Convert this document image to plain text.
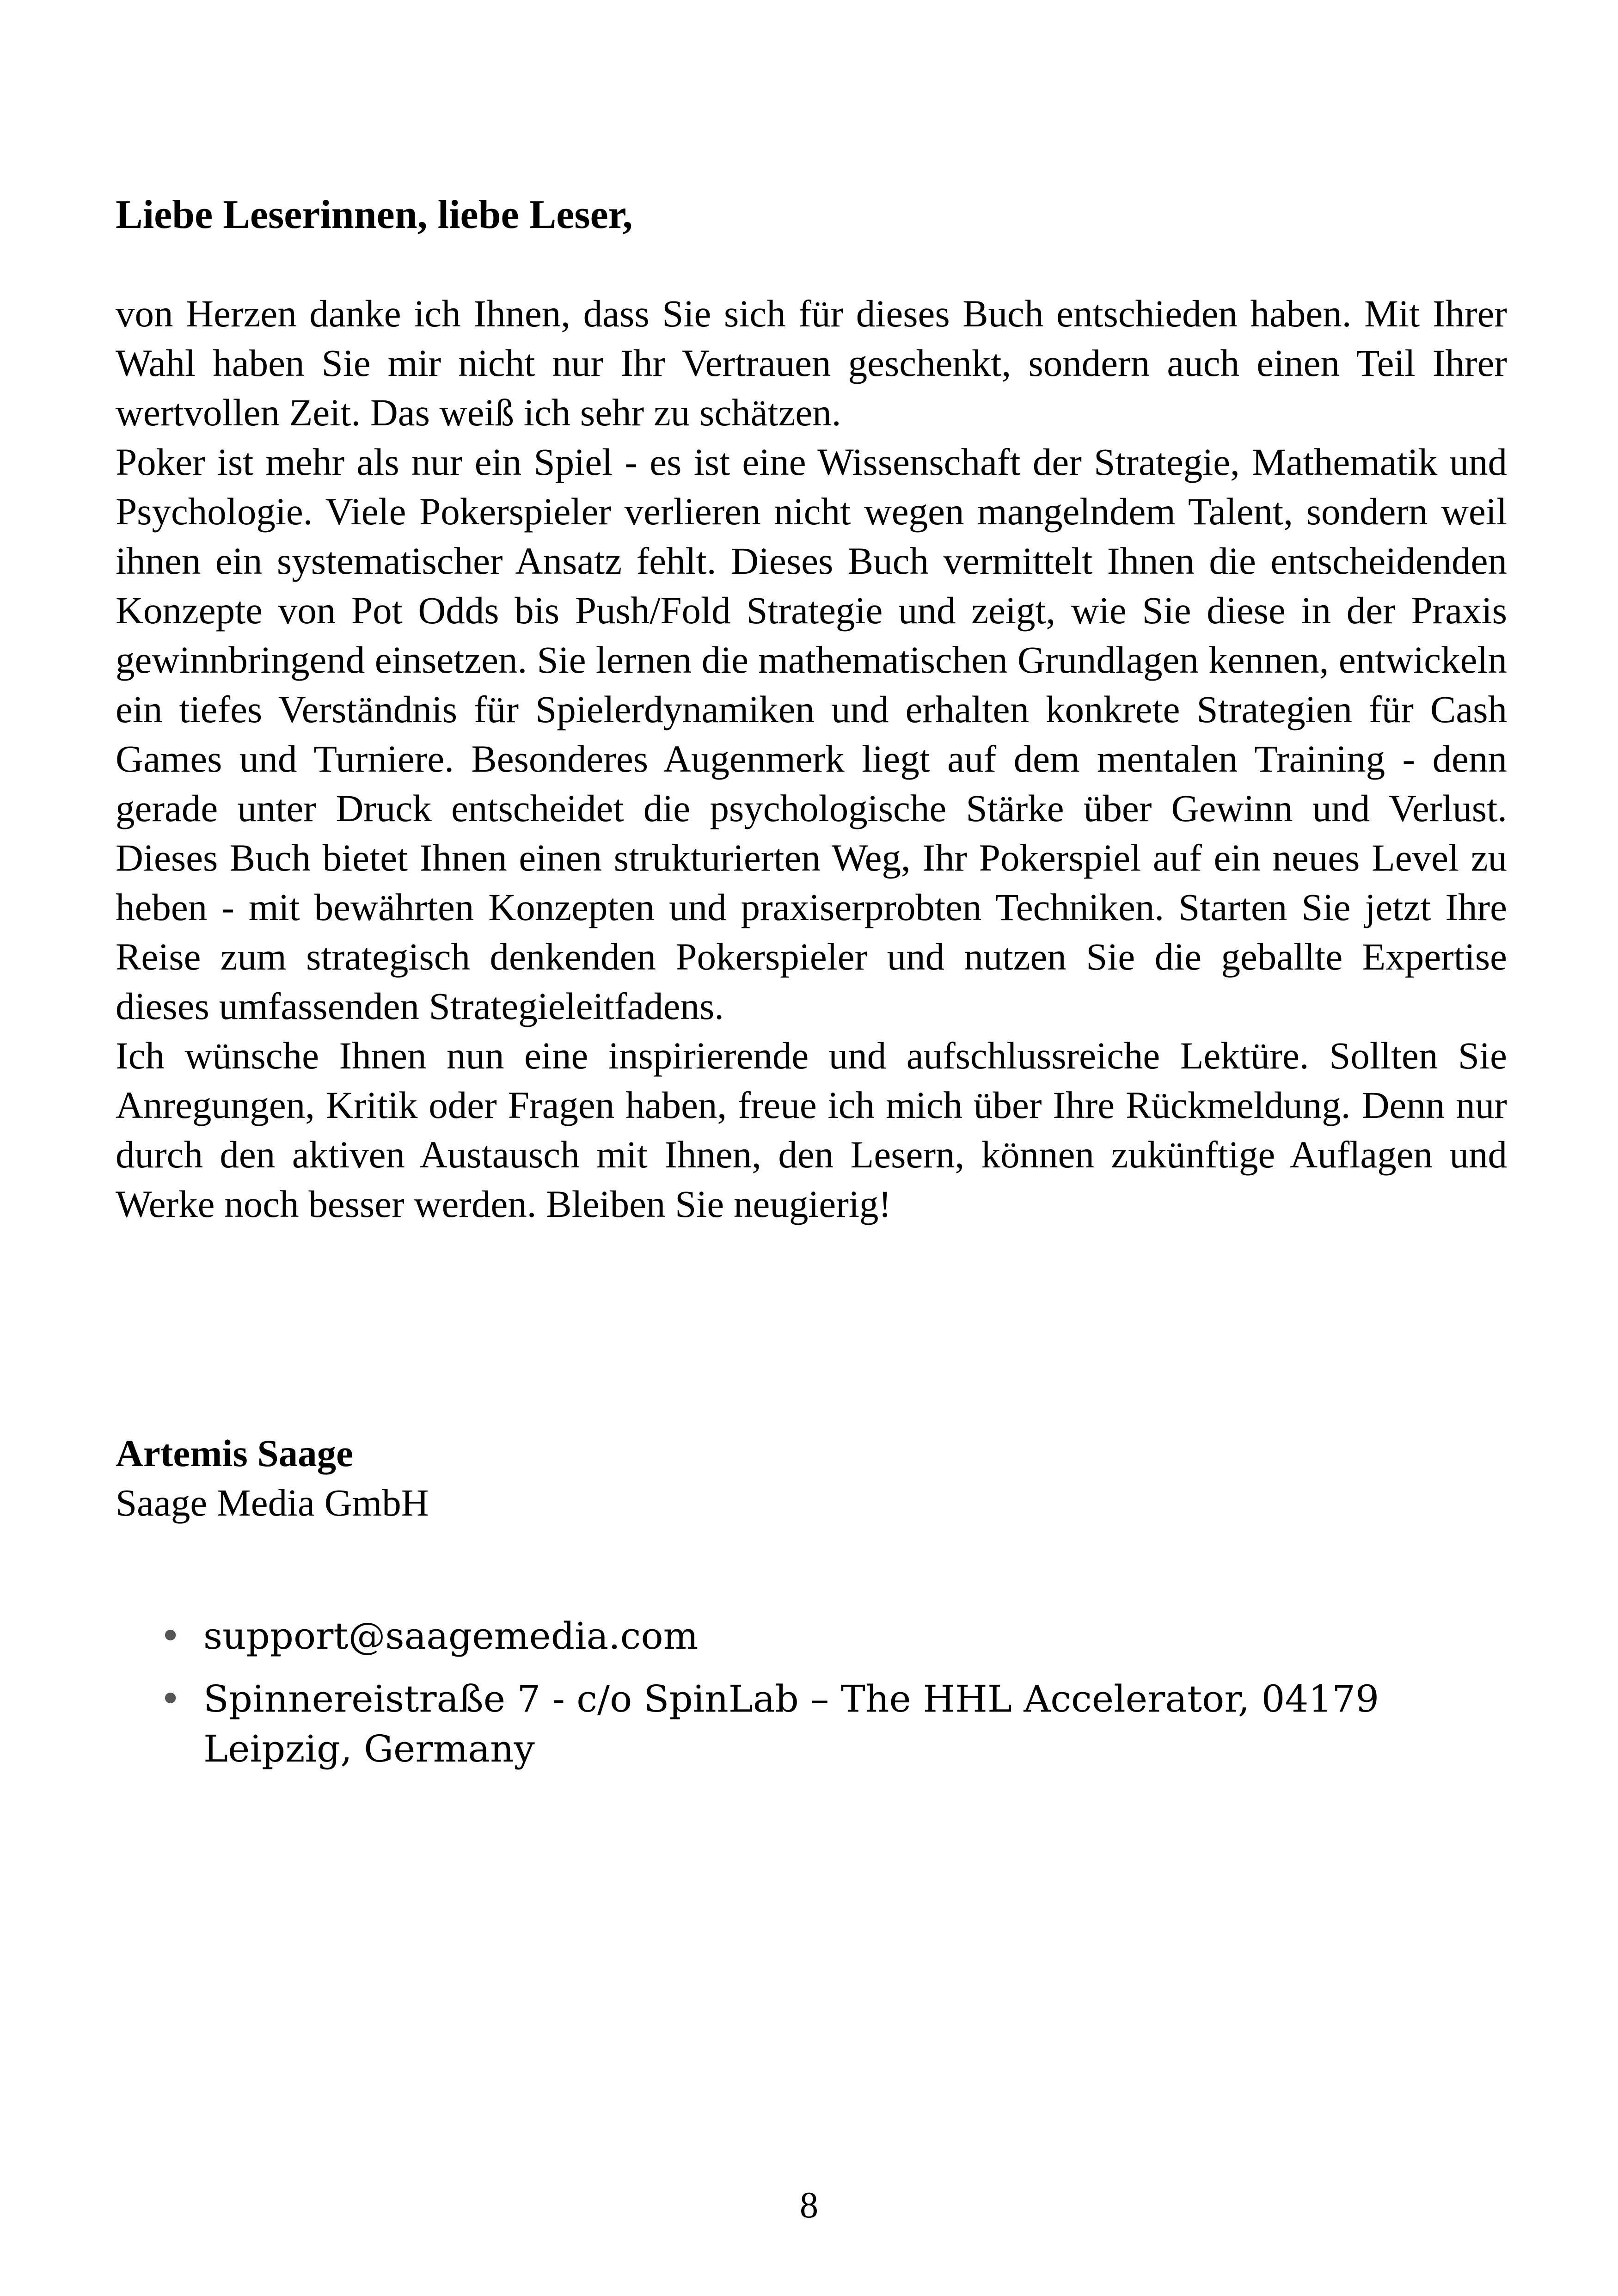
Liebe Leserinnen, liebe Leser,

von Herzen danke ich Ihnen, dass Sie sich für dieses Buch entschieden haben. Mit Ihrer Wahl haben Sie mir nicht nur Ihr Vertrauen geschenkt, sondern auch einen Teil Ihrer wertvollen Zeit. Das weiß ich sehr zu schätzen.

Poker ist mehr als nur ein Spiel - es ist eine Wissenschaft der Strategie, Mathematik und Psychologie. Viele Pokerspieler verlieren nicht wegen mangelndem Talent, sondern weil ihnen ein systematischer Ansatz fehlt. Dieses Buch vermittelt Ihnen die entscheidenden Konzepte von Pot Odds bis Push/Fold Strategie und zeigt, wie Sie diese in der Praxis gewinnbringend einsetzen. Sie lernen die mathematischen Grundlagen kennen, entwickeln ein tiefes Verständnis für Spielerdynamiken und erhalten konkrete Strategien für Cash Games und Turniere. Besonderes Augenmerk liegt auf dem mentalen Training - denn gerade unter Druck entscheidet die psychologische Stärke über Gewinn und Verlust. Dieses Buch bietet Ihnen einen strukturierten Weg, Ihr Pokerspiel auf ein neues Level zu heben - mit bewährten Konzepten und praxiserprobten Techniken. Starten Sie jetzt Ihre Reise zum strategisch denkenden Pokerspieler und nutzen Sie die geballte Expertise dieses umfassenden Strategieleitfadens.

Ich wünsche Ihnen nun eine inspirierende und aufschlussreiche Lektüre. Sollten Sie Anregungen, Kritik oder Fragen haben, freue ich mich über Ihre Rückmeldung. Denn nur durch den aktiven Austausch mit Ihnen, den Lesern, können zukünftige Auflagen und Werke noch besser werden. Bleiben Sie neugierig!

Artemis Saage
Saage Media GmbH
• support@saagemedia.com
• Spinnereistraße 7 - c/o SpinLab – The HHL Accelerator, 04179 Leipzig, Germany
8
